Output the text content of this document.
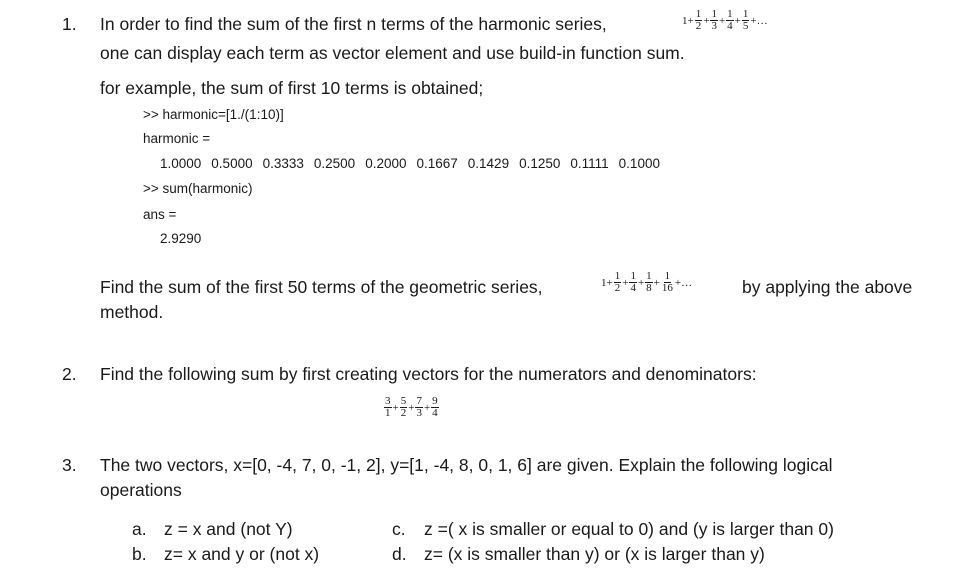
1. In order to find the sum of the first n terms of the harmonic series,	$1 + \frac{1}{2} + \frac{1}{3} + \frac{1}{4} + \frac{1}{5}$ +…
one can display each term as vector element and use build-in function sum.
for example, the sum of first 10 terms is obtained;
>> harmonic=[1./(1:10)]
harmonic =
1.0000 0.5000 0.3333 0.2500 0.2000 0.1667 0.1429 0.1250 0.1111 0.1000
>> sum(harmonic)
ans =
2.9290
Find the sum of the first 50 terms of the geometric series,	$1 + \frac{1}{2} + \frac{1}{4} + \frac{1}{8} + \frac{1}{16}$ +…	by applying the above
method.
2. Find the following sum by first creating vectors for the numerators and denominators:
$\frac{3}{1} + \frac{5}{2} + \frac{7}{3} + \frac{9}{4}$
3. The two vectors, x=[0, -4, 7, 0, -1, 2], y=[1, -4, 8, 0, 1, 6] are given. Explain the following logical
operations
a. z = x and (not Y)
b. z= x and y or (not x)
c. z =( x is smaller or equal to 0) and (y is larger than 0)
d. z= (x is smaller than y) or (x is larger than y)
